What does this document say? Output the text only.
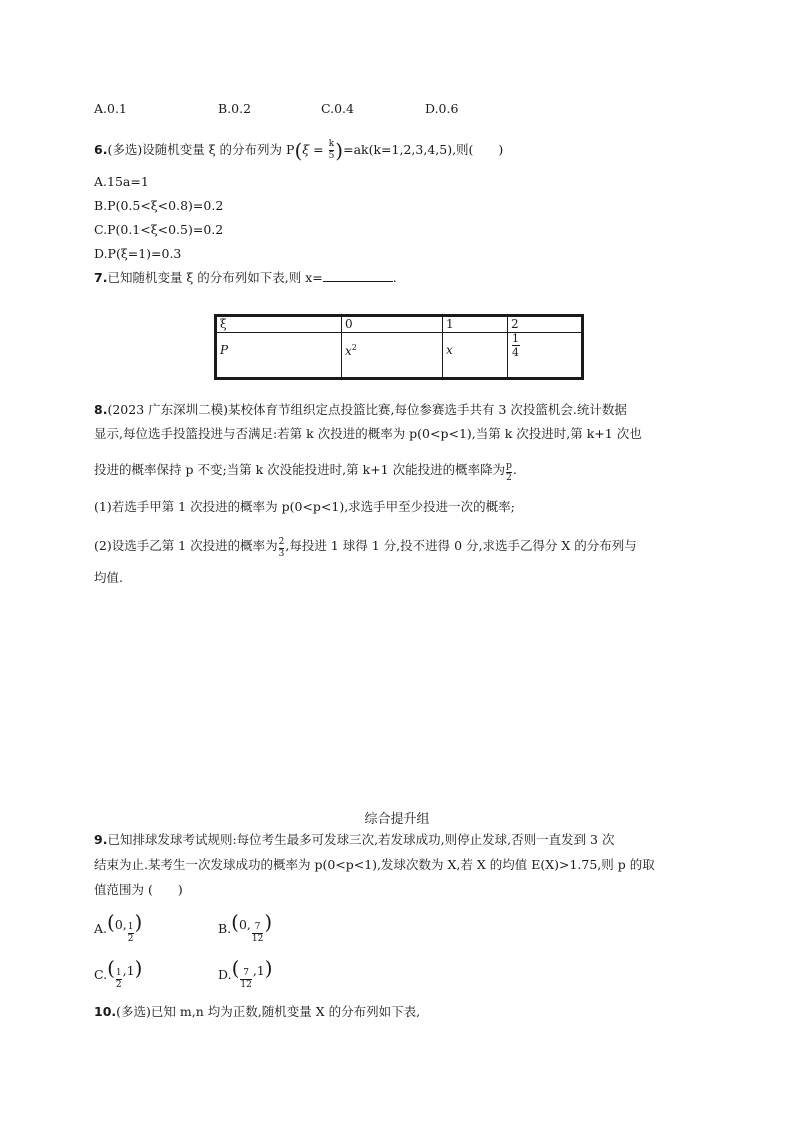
A.0.1	B.0.2	C.0.4	D.0.6
6.(多选)设随机变量 ξ 的分布列为 $P(\xi = \frac{k}{5} )=ak(k=1,2,3,4,5)$,则(　　)
A.15a=1
B.P(0.5<ξ<0.8)=0.2
C.P(0.1<ξ<0.5)=0.2
D.P(ξ=1)=0.3
7.已知随机变量 ξ 的分布列如下表,则 x=	.
ξ	0	1	2
P	$x^2$	x	$\frac{1}{4}$
8.(2023 广东深圳二模)某校体育节组织定点投篮比赛,每位参赛选手共有 3 次投篮机会.统计数据
显示,每位选手投篮投进与否满足:若第 k 次投进的概率为 p(0<p<1),当第 k 次投进时,第 k+1 次也
投进的概率保持 p 不变;当第 k 次没能投进时,第 k+1 次能投进的概率降为 $\frac{p}{2}$ .
(1)若选手甲第 1 次投进的概率为 p(0<p<1),求选手甲至少投进一次的概率;
(2)设选手乙第 1 次投进的概率为 $\frac{2}{3}$ ,每投进 1 球得 1 分,投不进得 0 分,求选手乙得分 X 的分布列与
均值.
综合提升组
9.已知排球发球考试规则:每位考生最多可发球三次,若发球成功,则停止发球,否则一直发到 3 次
结束为止.某考生一次发球成功的概率为 p(0<p<1),发球次数为 X,若 X 的均值 E(X)>1.75,则 p 的取
值范围为 (　　)
A.(0, $\frac{1}{2}$ )	B.(0, $\frac{7}{12}$ )
$C.( \frac{1}{2} ,1)$	$D.( \frac{7}{12} ,1)$
10.(多选)已知 m,n 均为正数,随机变量 X 的分布列如下表,
